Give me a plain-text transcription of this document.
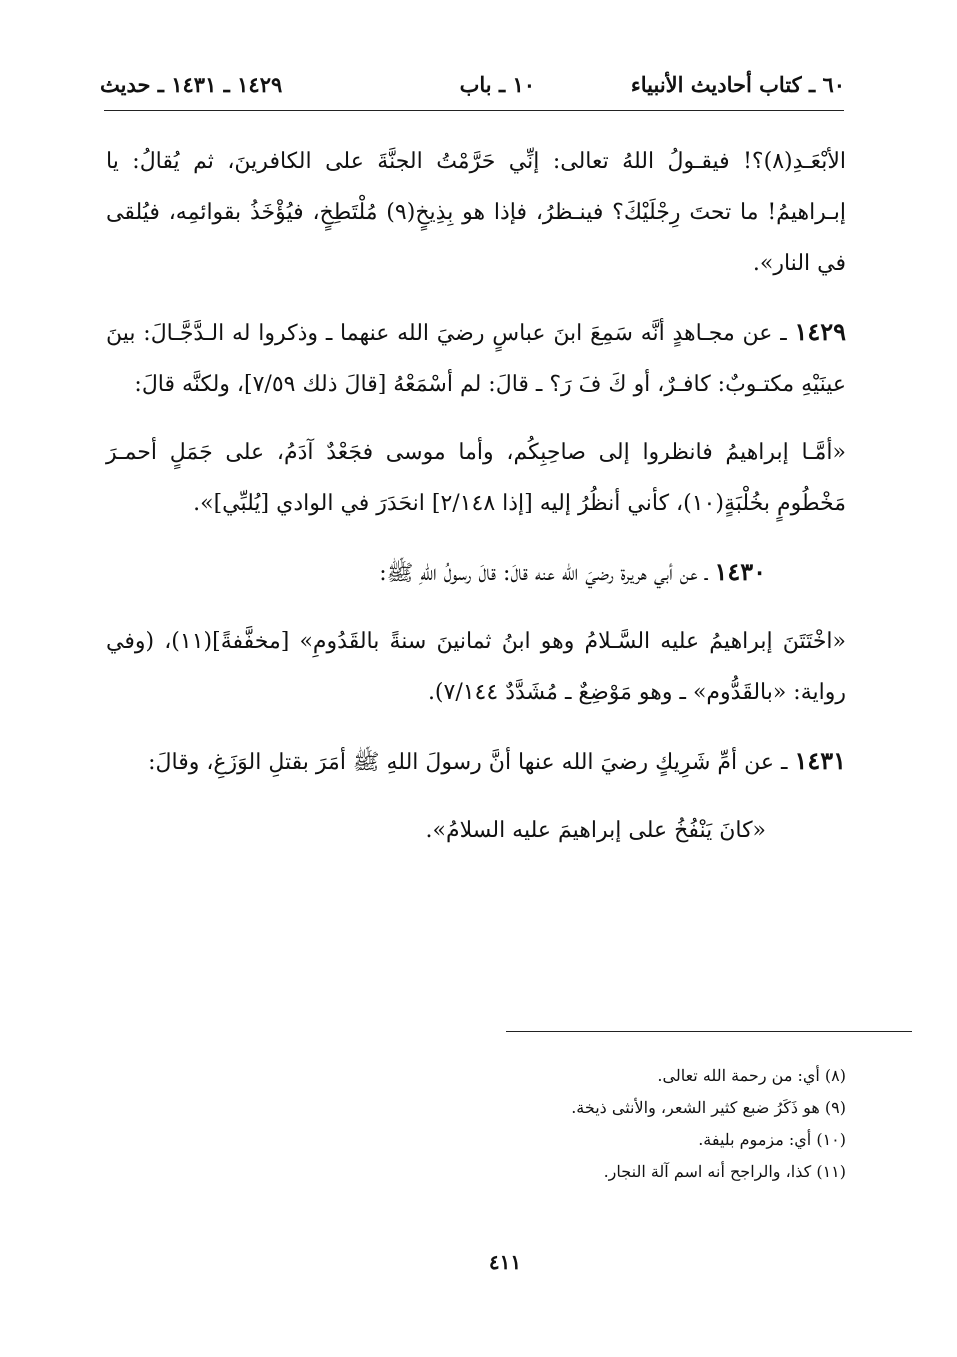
٦٠ ـ كتاب أحاديث الأنبياء
١٠ ـ باب
١٤٢٩ ـ ١٤٣١ ـ حديث

الأبْعَـدِ(٨)؟! فيقـولُ اللهُ تعالى: إنِّي حَرَّمْتُ الجنَّةَ على الكافرينَ، ثم يُقالُ: يا إبـراهيمُ! ما تحتَ رِجْلَيْكَ؟ فينـظرُ، فإذا هو بِذِيخٍ(٩) مُلْتَطِخٍ، فيُؤْخَذُ بقوائمِه، فيُلقى في النار».

١٤٢٩ ـ عن مجـاهدٍ أنَّه سَمِعَ ابنَ عباسٍ رضيَ الله عنهما ـ وذكروا له الـدَّجَّـالَ: بينَ عينَيْهِ مكتـوبٌ: كافـرٌ، أو كَ فَ رَ؟ ـ قالَ: لم أسْمَعْهُ [قالَ ذلك ٧/٥٩]، ولكنَّه قالَ:

«أمَّـا إبراهيمُ فانظروا إلى صاحِبِكُم، وأما موسى فجَعْدٌ آدَمُ، على جَمَلٍ أحمـرَ مَخْطُومٍ بخُلْبَةٍ(١٠)، كأني أنظُرُ إليه [إذا ٢/١٤٨] انحَدَرَ في الوادي [يُلبِّي]».

١٤٣٠ ـ عن أبي هريرة رضيَ الله عنه قالَ: قالَ رسولُ اللهِ ﷺ:

«اخْتَتَنَ إبراهيمُ عليه السَّـلامُ وهو ابنُ ثمانينَ سنةً بالقَدُومِ» [مخفَّفةً](١١)، (وفي رواية: «بالقَدُّوم» ـ وهو مَوْضِعٌ ـ مُشَدَّدٌ ٧/١٤٤).

١٤٣١ ـ عن أمِّ شَرِيكٍ رضيَ الله عنها أنَّ رسولَ اللهِ ﷺ أمَرَ بقتلِ الوَزَغِ، وقالَ:

«كانَ يَنْفُخُ على إبراهيمَ عليه السلامُ».

(٨) أي: من رحمة الله تعالى.
(٩) هو ذَكَرُ ضبع كثير الشعر، والأنثى ذيخة.
(١٠) أي: مزموم بليفة.
(١١) كذا، والراجح أنه اسم آلة النجار.
٤١١
